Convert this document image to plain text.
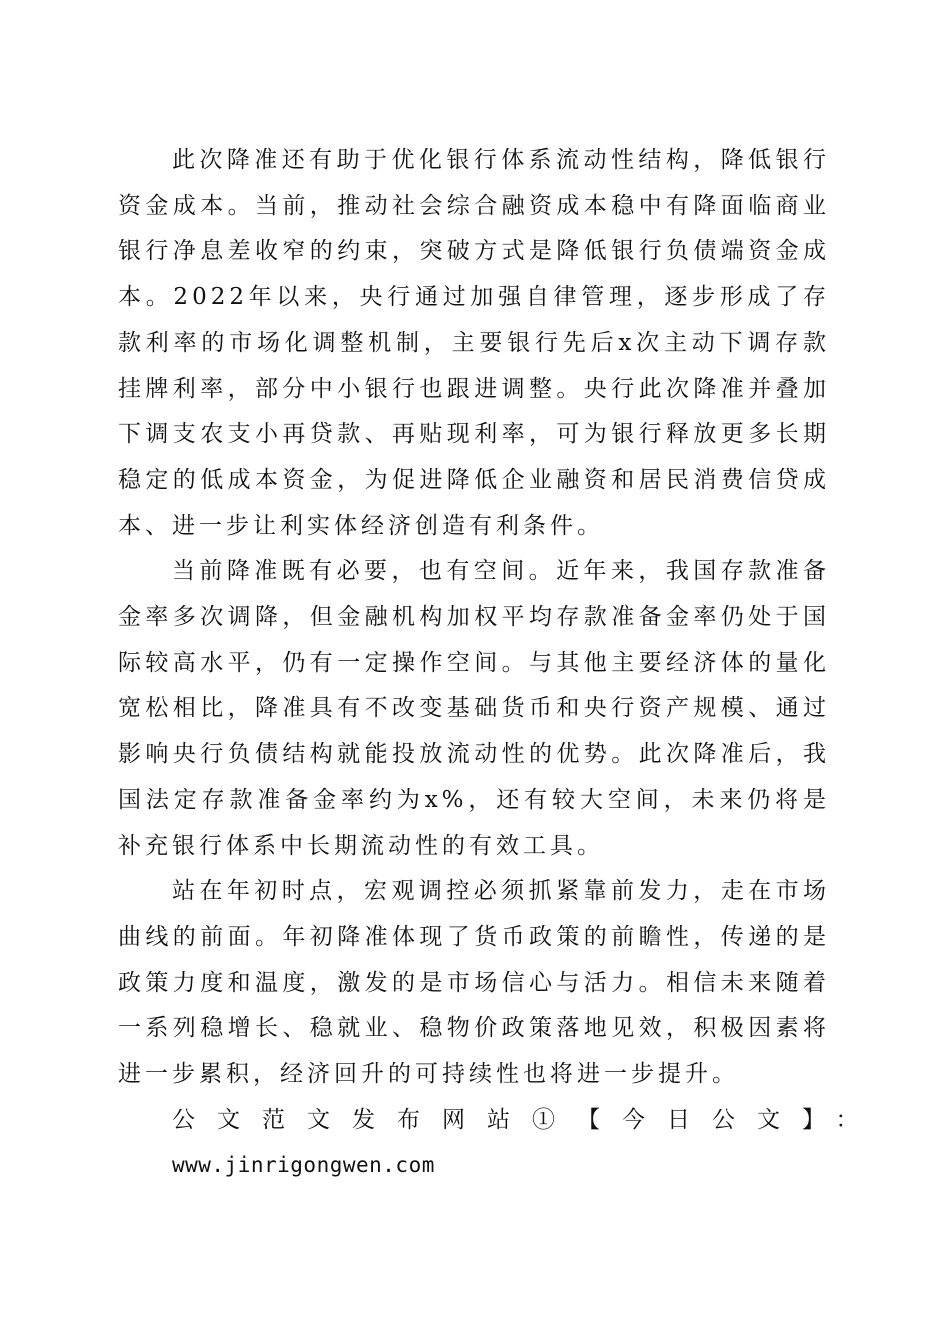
此次降准还有助于优化银行体系流动性结构，降低银行资金成本。当前，推动社会综合融资成本稳中有降面临商业银行净息差收窄的约束，突破方式是降低银行负债端资金成本。2022年以来，央行通过加强自律管理，逐步形成了存款利率的市场化调整机制，主要银行先后x次主动下调存款挂牌利率，部分中小银行也跟进调整。央行此次降准并叠加下调支农支小再贷款、再贴现利率，可为银行释放更多长期稳定的低成本资金，为促进降低企业融资和居民消费信贷成本、进一步让利实体经济创造有利条件。

当前降准既有必要，也有空间。近年来，我国存款准备金率多次调降，但金融机构加权平均存款准备金率仍处于国际较高水平，仍有一定操作空间。与其他主要经济体的量化宽松相比，降准具有不改变基础货币和央行资产规模、通过影响央行负债结构就能投放流动性的优势。此次降准后，我国法定存款准备金率约为x%，还有较大空间，未来仍将是补充银行体系中长期流动性的有效工具。

站在年初时点，宏观调控必须抓紧靠前发力，走在市场曲线的前面。年初降准体现了货币政策的前瞻性，传递的是政策力度和温度，激发的是市场信心与活力。相信未来随着一系列稳增长、稳就业、稳物价政策落地见效，积极因素将进一步累积，经济回升的可持续性也将进一步提升。

公文范文发布网站①【今日公文】：

www.jinrigongwen.com
